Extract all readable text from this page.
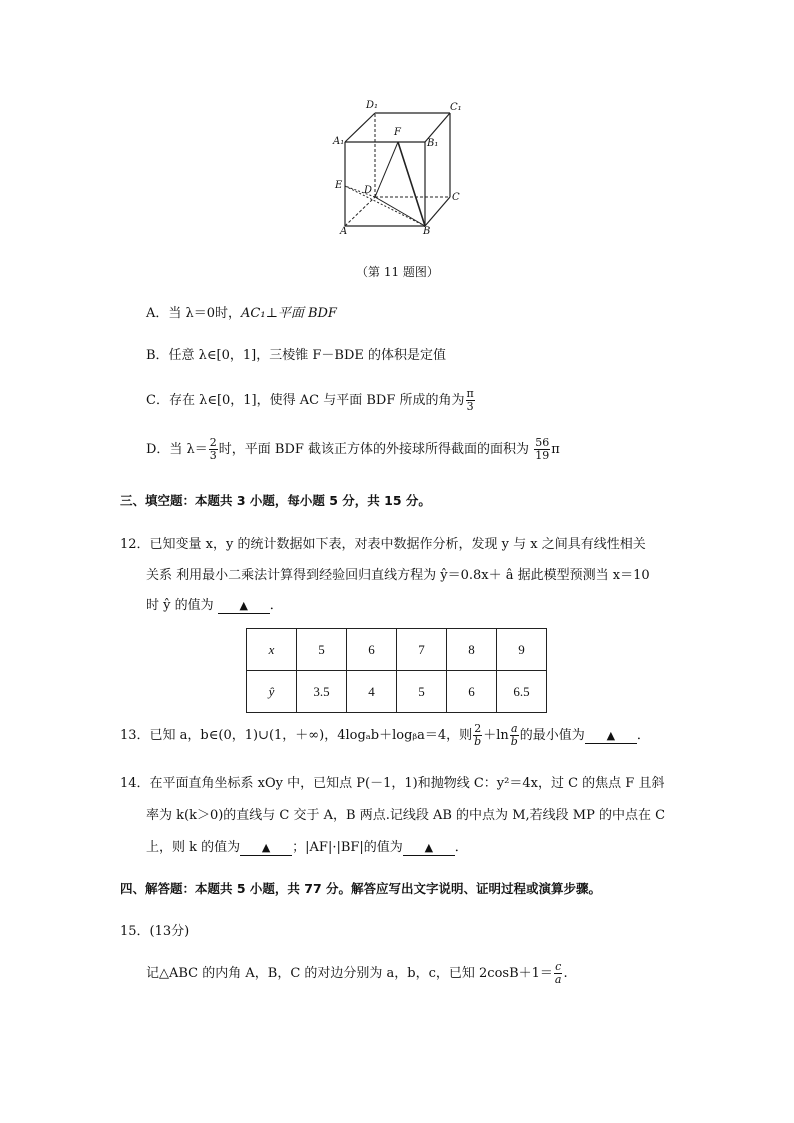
D₁	C₁
A₁	B₁
F
E D
C
A	B
（第 11 题图）
A．当 λ＝0时，AC₁⊥平面 BDF
B．任意 λ∈[0，1]，三棱锥 F－BDE 的体积是定值
C．存在 λ∈[0，1]，使得 AC 与平面 BDF 所成的角为 $\frac{\pi}{3}$
D．当 $\lambda= \frac{2}{3}$ 时，平面 BDF 截该正方体的外接球所得截面的面积为 $\frac{56}{19}$ π
三、填空题：本题共 3 小题，每小题 5 分，共 15 分。
12．已知变量 x，y 的统计数据如下表，对表中数据作分析，发现 y 与 x 之间具有线性相关
关系 利用最小二乘法计算得到经验回归直线方程为 ŷ＝0.8x＋ â 据此模型预测当 x＝10
时 ŷ 的值为 ▲ ．
x	5	6	7	8	9
ŷ	3.5	4	5	6	6.5
13．已知 a，b∈(0，1)∪(1，＋∞)，4logₐb＋logᵦa＝4，则 $\frac{2}{b} +\ln \frac{a}{b}$ 的最小值为 ▲ ．
14．在平面直角坐标系 xOy 中，已知点 P(－1，1)和抛物线 C：y²＝4x，过 C 的焦点 F 且斜
率为 k(k＞0)的直线与 C 交于 A，B 两点.记线段 AB 的中点为 M,若线段 MP 的中点在 C
上，则 k 的值为 ▲ ；|AF|·|BF|的值为 ▲ ．
四、解答题：本题共 5 小题，共 77 分。解答应写出文字说明、证明过程或演算步骤。
15．(13分)
记△ABC 的内角 A，B，C 的对边分别为 a，b，c，已知 $2\cos B+1= \frac{c}{a}$ .
